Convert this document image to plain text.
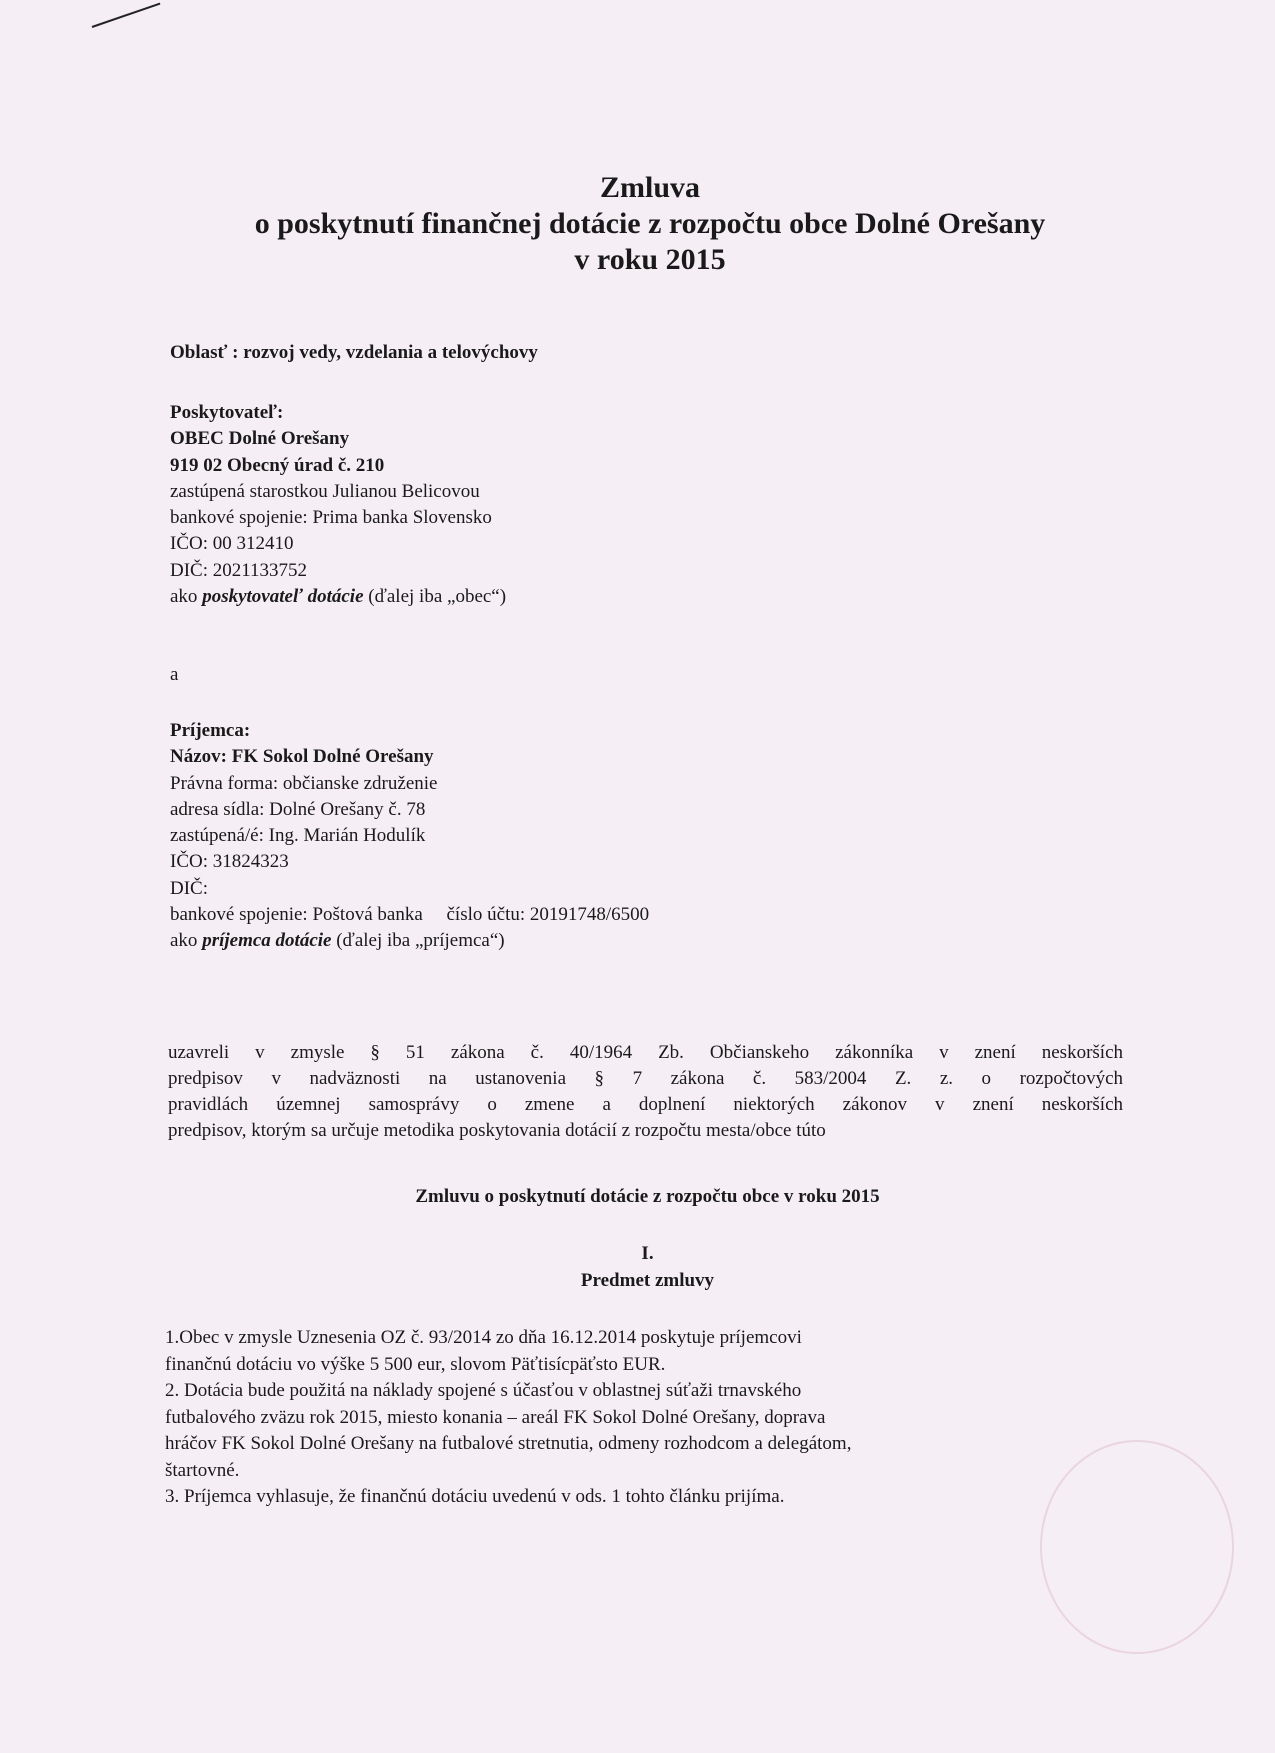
Zmluva
o poskytnutí finančnej dotácie z rozpočtu obce Dolné Orešany
v roku 2015
Oblasť : rozvoj vedy, vzdelania a telovýchovy
Poskytovateľ:
OBEC Dolné Orešany
919 02 Obecný úrad č. 210
zastúpená starostkou Julianou Belicovou
bankové spojenie: Prima banka Slovensko
IČO: 00 312410
DIČ: 2021133752
ako poskytovateľ dotácie (ďalej iba „obec“)
a
Príjemca:
Názov: FK Sokol Dolné Orešany
Právna forma: občianske združenie
adresa sídla: Dolné Orešany č. 78
zastúpená/é: Ing. Marián Hodulík
IČO: 31824323
DIČ:
bankové spojenie: Poštová banka     číslo účtu: 20191748/6500
ako príjemca dotácie (ďalej iba „príjemca“)
uzavreli v zmysle § 51 zákona č. 40/1964 Zb. Občianskeho zákonníka v znení neskorších
predpisov v nadväznosti na ustanovenia § 7 zákona č. 583/2004 Z. z. o rozpočtových
pravidlách územnej samosprávy o zmene a doplnení niektorých zákonov v znení neskorších
predpisov, ktorým sa určuje metodika poskytovania dotácií z rozpočtu mesta/obce túto
Zmluvu o poskytnutí dotácie z rozpočtu obce v roku 2015
I.
Predmet zmluvy
1.Obec v zmysle Uznesenia OZ č. 93/2014 zo dňa 16.12.2014 poskytuje príjemcovi
finančnú dotáciu vo výške 5 500 eur, slovom Päťtisícpäťsto EUR.
2. Dotácia bude použitá na náklady spojené s účasťou v oblastnej súťaži trnavského
futbalového zväzu rok 2015, miesto konania – areál FK Sokol Dolné Orešany, doprava
hráčov FK Sokol Dolné Orešany na futbalové stretnutia, odmeny rozhodcom a delegátom,
štartovné.
3. Príjemca vyhlasuje, že finančnú dotáciu uvedenú v ods. 1 tohto článku prijíma.
